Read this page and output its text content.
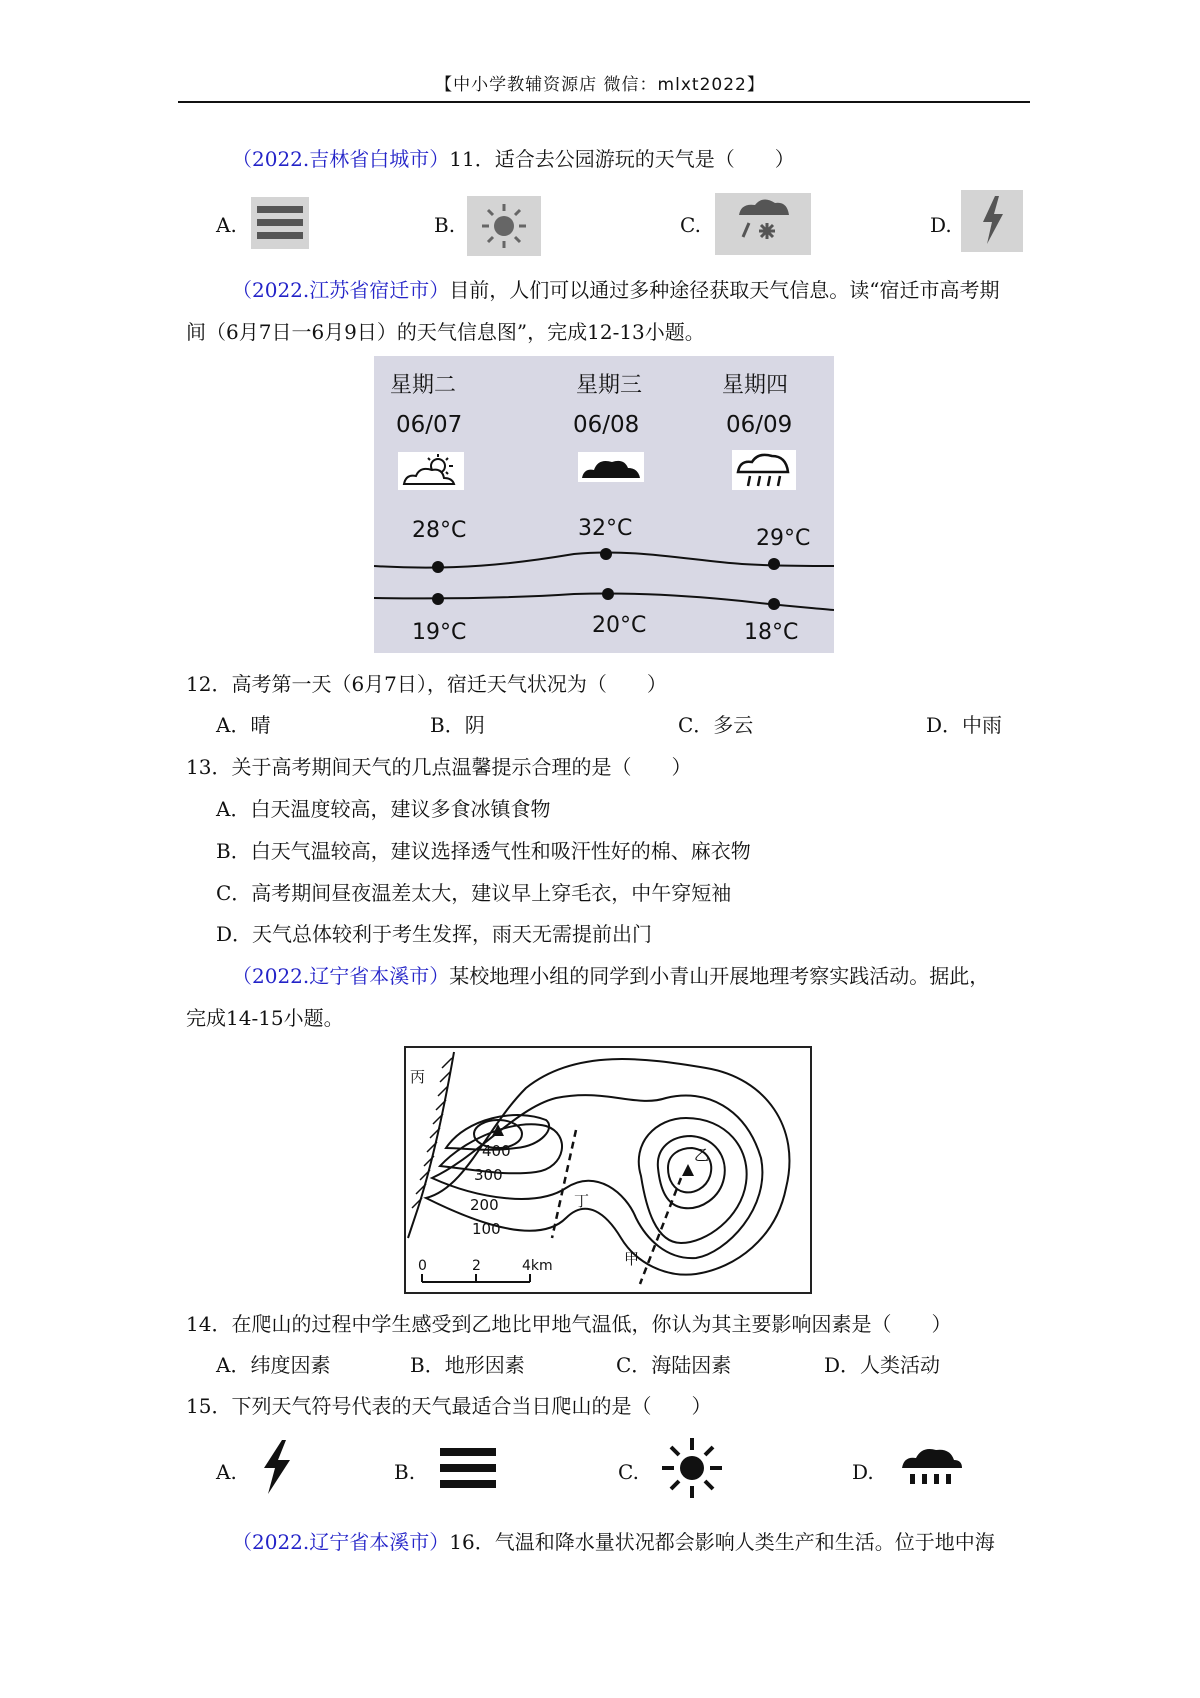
【中小学教辅资源店 微信：mlxt2022】
（2022.吉林省白城市）11．适合去公园游玩的天气是（　　）
A.	B.	C.	D.
（2022.江苏省宿迁市）目前，人们可以通过多种途径获取天气信息。读“宿迁市高考期
间（6月7日一6月9日）的天气信息图”，完成12-13小题。
星期二	星期三	星期四
06/07	06/08	06/09
28°C	32°C	29°C
19°C	20°C	18°C
12．高考第一天（6月7日），宿迁天气状况为（　　）
A．晴	B．阴	C．多云	D．中雨
13．关于高考期间天气的几点温馨提示合理的是（　　）
A．白天温度较高，建议多食冰镇食物
B．白天气温较高，建议选择透气性和吸汗性好的棉、麻衣物
C．高考期间昼夜温差太大，建议早上穿毛衣，中午穿短袖
D．天气总体较利于考生发挥，雨天无需提前出门
（2022.辽宁省本溪市）某校地理小组的同学到小青山开展地理考察实践活动。据此，
完成14-15小题。
丙
乙
丁
甲
400
300
200
100
0	2	4km
14．在爬山的过程中学生感受到乙地比甲地气温低，你认为其主要影响因素是（　　）
A．纬度因素	B．地形因素	C．海陆因素	D．人类活动
15．下列天气符号代表的天气最适合当日爬山的是（　　）
A.	B.	C.	D.
（2022.辽宁省本溪市）16．气温和降水量状况都会影响人类生产和生活。位于地中海
